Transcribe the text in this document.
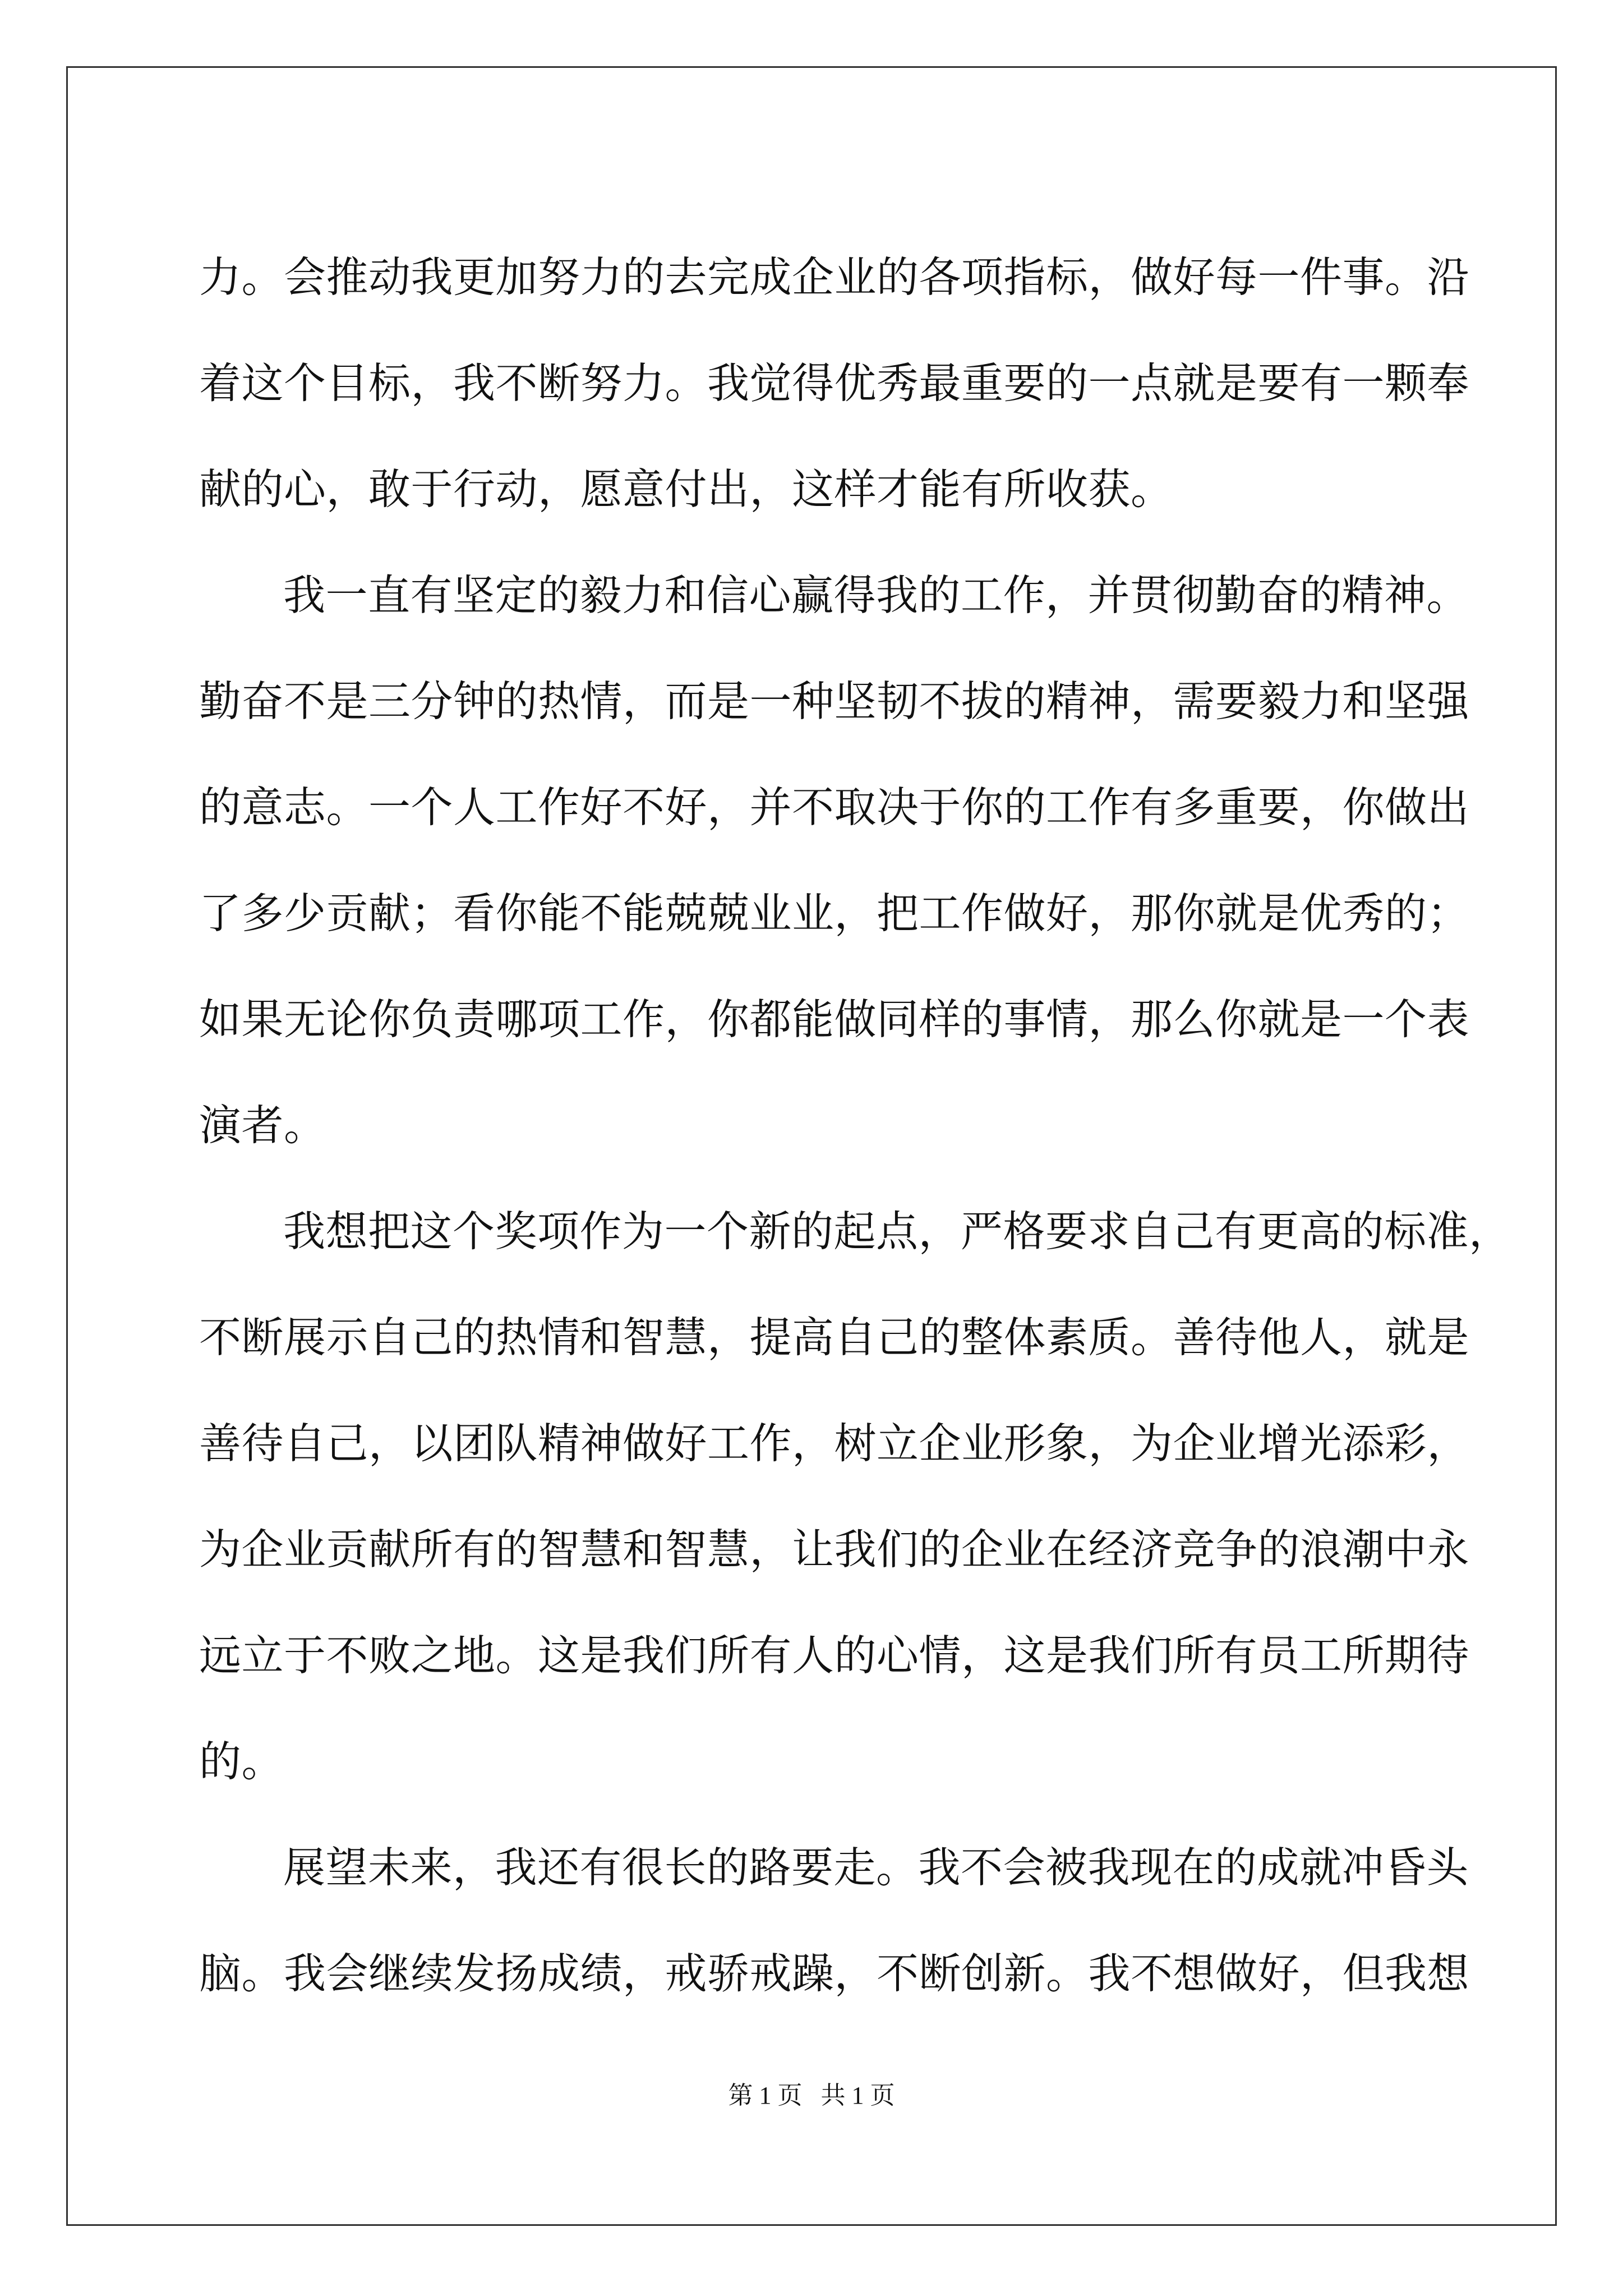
力。会推动我更加努力的去完成企业的各项指标，做好每一件事。沿
着这个目标，我不断努力。我觉得优秀最重要的一点就是要有一颗奉
献的心，敢于行动，愿意付出，这样才能有所收获。
我一直有坚定的毅力和信心赢得我的工作，并贯彻勤奋的精神。
勤奋不是三分钟的热情，而是一种坚韧不拔的精神，需要毅力和坚强
的意志。一个人工作好不好，并不取决于你的工作有多重要，你做出
了多少贡献；看你能不能兢兢业业，把工作做好，那你就是优秀的；
如果无论你负责哪项工作，你都能做同样的事情，那么你就是一个表
演者。
我想把这个奖项作为一个新的起点，严格要求自己有更高的标准，
不断展示自己的热情和智慧，提高自己的整体素质。善待他人，就是
善待自己，以团队精神做好工作，树立企业形象，为企业增光添彩，
为企业贡献所有的智慧和智慧，让我们的企业在经济竞争的浪潮中永
远立于不败之地。这是我们所有人的心情，这是我们所有员工所期待
的。
展望未来，我还有很长的路要走。我不会被我现在的成就冲昏头
脑。我会继续发扬成绩，戒骄戒躁，不断创新。我不想做好，但我想
第 1 页   共 1 页
